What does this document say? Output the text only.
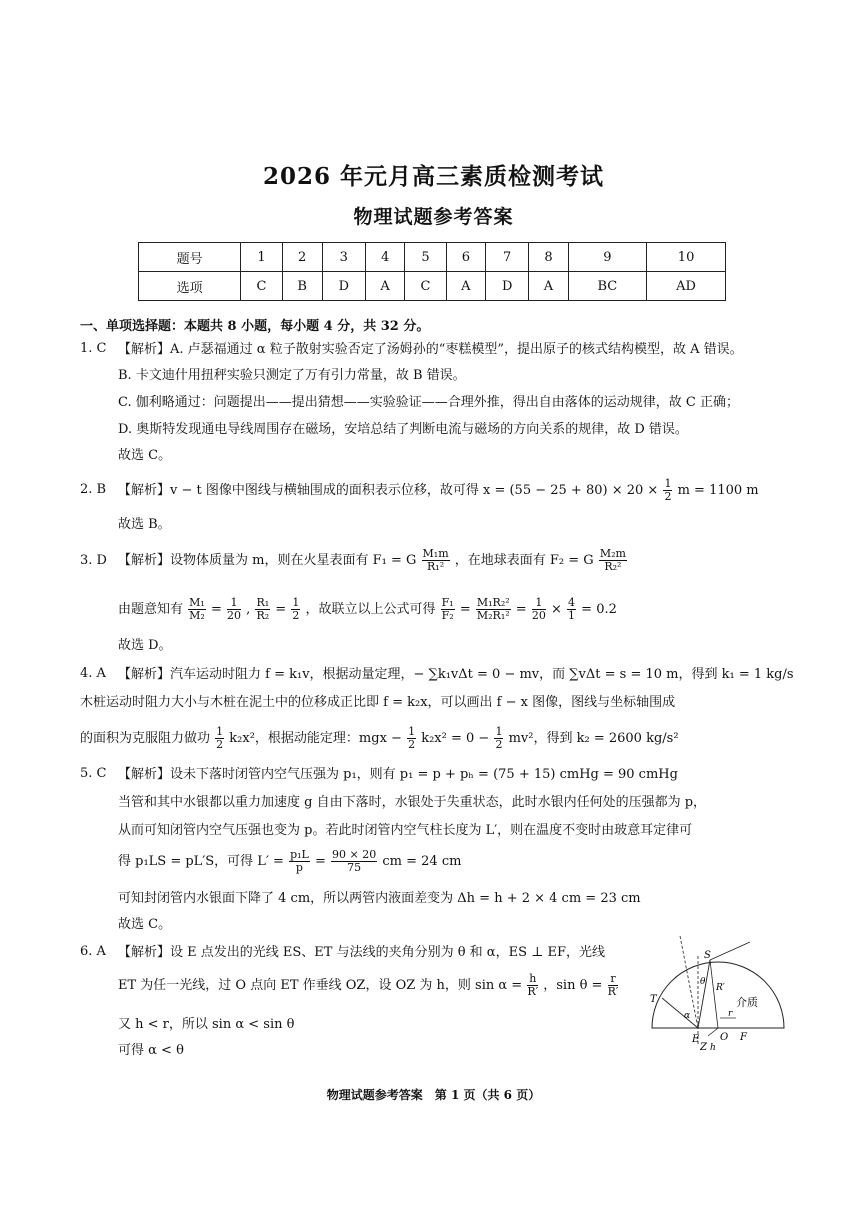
2026 年元月高三素质检测考试
物理试题参考答案
题号	1	2	3	4	5	6	7	8	9	10
选项	C	B	D	A	C	A	D	A	BC	AD
一、单项选择题：本题共 8 小题，每小题 4 分，共 32 分。
1. C 【解析】A. 卢瑟福通过 α 粒子散射实验否定了汤姆孙的“枣糕模型”，提出原子的核式结构模型，故 A 错误。
B. 卡文迪什用扭秤实验只测定了万有引力常量，故 B 错误。
C. 伽利略通过：问题提出——提出猜想——实验验证——合理外推，得出自由落体的运动规律，故 C 正确；
D. 奥斯特发现通电导线周围存在磁场，安培总结了判断电流与磁场的方向关系的规律，故 D 错误。
故选 C。
2. B 【解析】v − t 图像中图线与横轴围成的面积表示位移，故可得 $x = (55 - 25 + 80) \times 20 \times \frac{1}{2}$ m = 1100 m
故选 B。
3. D 【解析】设物体质量为 m，则在火星表面有 F₁ = G $\frac{\text{M₁m}}{\text{R₁²}}$ ，在地球表面有 F₂ = G $\frac{\text{M₂m}}{\text{R₂²}}$
由题意知有 $\frac{\text{M₁}}{\text{M₂}} = \frac{1}{20}$ , $\frac{\text{R₁}}{\text{R₂}} = \frac{1}{2}$ ，故联立以上公式可得 $\frac{\text{F₁}}{\text{F₂}} = \frac{\text{M₁R₂²}}{\text{M₂R₁²}} = \frac{1}{20} \times \frac{4}{1} = 0.2$
故选 D。
4. A 【解析】汽车运动时阻力 f = k₁v，根据动量定理，− ∑k₁vΔt = 0 − mv，而 ∑vΔt = s = 10 m，得到 k₁ = 1 kg/s
木桩运动时阻力大小与木桩在泥土中的位移成正比即 f = k₂x，可以画出 f − x 图像，图线与坐标轴围成
的面积为克服阻力做功 $\frac{1}{2} k_2x^2$，根据动能定理：mgx − $\frac{1}{2} k_2x^2 = 0 - \frac{1}{2} mv^2$，得到 k₂ = 2600 kg/s²
5. C 【解析】设未下落时闭管内空气压强为 p₁，则有 p₁ = p + pₕ = (75 + 15) cmHg = 90 cmHg
当管和其中水银都以重力加速度 g 自由下落时，水银处于失重状态，此时水银内任何处的压强都为 p，
从而可知闭管内空气压强也变为 p。若此时闭管内空气柱长度为 L′，则在温度不变时由玻意耳定律可
得 p₁LS = pL′S，可得 $L' = \frac{\text{p₁L}}{p} = \frac{90 \times 20}{75}$ cm = 24 cm
可知封闭管内水银面下降了 4 cm，所以两管内液面差变为 Δh = h + 2 × 4 cm = 23 cm
故选 C。
6. A 【解析】设 E 点发出的光线 ES、ET 与法线的夹角分别为 θ 和 α，ES ⊥ EF，光线
ET 为任一光线，过 O 点向 ET 作垂线 OZ，设 OZ 为 h，则 $\sin \alpha = \frac{h}{R'}$ ，$\sin \theta = \frac{r}{R'}$
又 h < r，所以 sin α < sin θ
可得 α < θ
S
T
R′
θ
α
E O F
Z h
r
介质
物理试题参考答案　第 1 页（共 6 页）
